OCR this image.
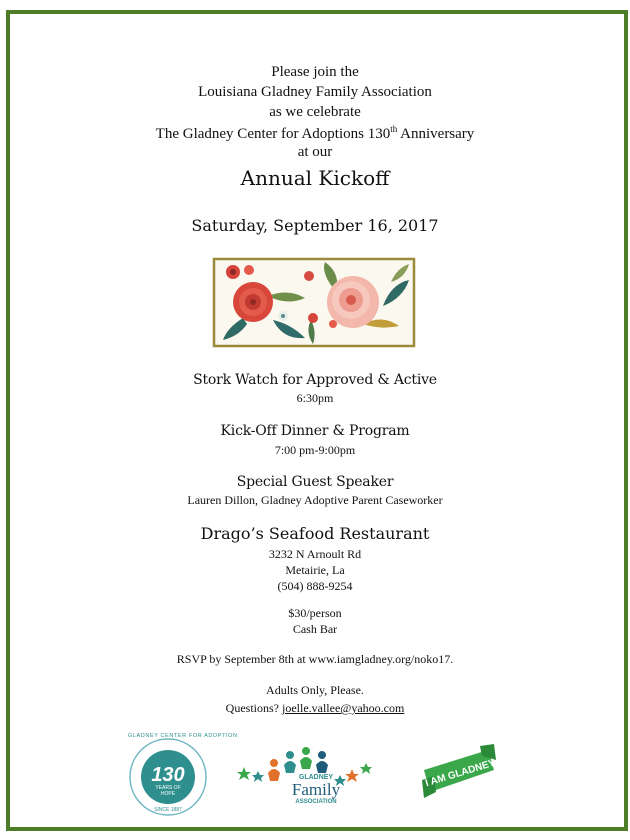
Please join the
Louisiana Gladney Family Association
as we celebrate
The Gladney Center for Adoptions 130th Anniversary
at our
Annual Kickoff
Saturday, September 16, 2017
Stork Watch for Approved & Active
6:30pm
Kick-Off Dinner & Program
7:00 pm-9:00pm
Special Guest Speaker
Lauren Dillon, Gladney Adoptive Parent Caseworker
Drago’s Seafood Restaurant
3232 N Arnoult Rd
Metairie, La
(504) 888-9254
$30/person
Cash Bar
RSVP by September 8th at www.iamgladney.org/noko17.
Adults Only, Please.
Questions? joelle.vallee@yahoo.com
GLADNEY CENTER FOR ADOPTION
130
YEARS OF
HOPE
SINCE 1887
GLADNEY
Family
ASSOCIATION
I AM GLADNEY
